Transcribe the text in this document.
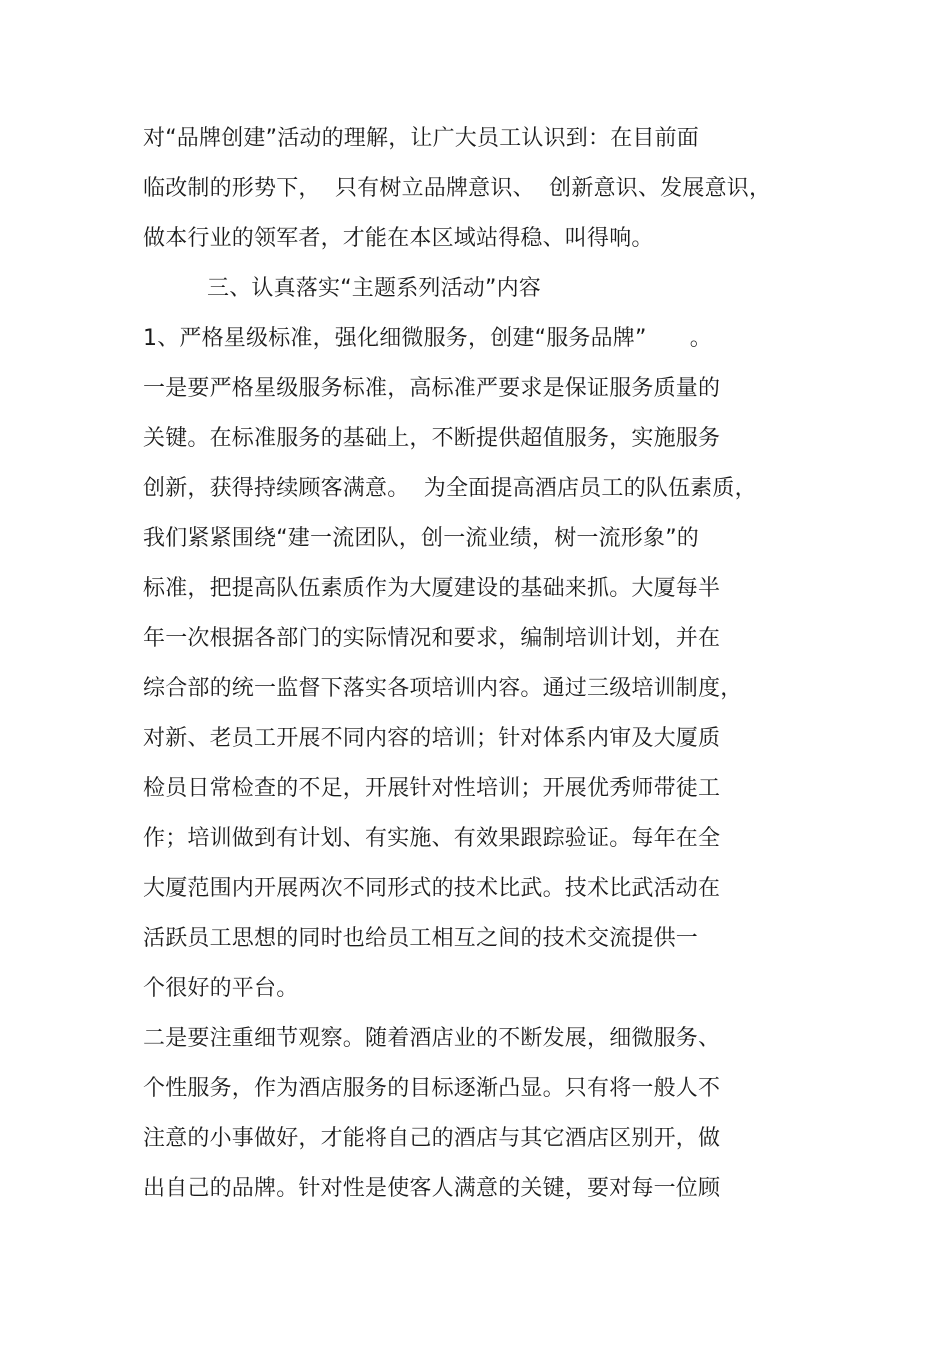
对“品牌创建”活动的理解，让广大员工认识到：在目前面
临改制的形势下，  只有树立品牌意识、  创新意识、发展意识，
做本行业的领军者，才能在本区域站得稳、叫得响。
三、认真落实“主题系列活动”内容
1、严格星级标准，强化细微服务，创建“服务品牌”      。
一是要严格星级服务标准，高标准严要求是保证服务质量的
关键。在标准服务的基础上，不断提供超值服务，实施服务
创新，获得持续顾客满意。  为全面提高酒店员工的队伍素质，
我们紧紧围绕“建一流团队，创一流业绩，树一流形象”的
标准，把提高队伍素质作为大厦建设的基础来抓。大厦每半
年一次根据各部门的实际情况和要求，编制培训计划，并在
综合部的统一监督下落实各项培训内容。通过三级培训制度，
对新、老员工开展不同内容的培训；针对体系内审及大厦质
检员日常检查的不足，开展针对性培训；开展优秀师带徒工
作；培训做到有计划、有实施、有效果跟踪验证。每年在全
大厦范围内开展两次不同形式的技术比武。技术比武活动在
活跃员工思想的同时也给员工相互之间的技术交流提供一
个很好的平台。
二是要注重细节观察。随着酒店业的不断发展，细微服务、
个性服务，作为酒店服务的目标逐渐凸显。只有将一般人不
注意的小事做好，才能将自己的酒店与其它酒店区别开，做
出自己的品牌。针对性是使客人满意的关键，要对每一位顾
